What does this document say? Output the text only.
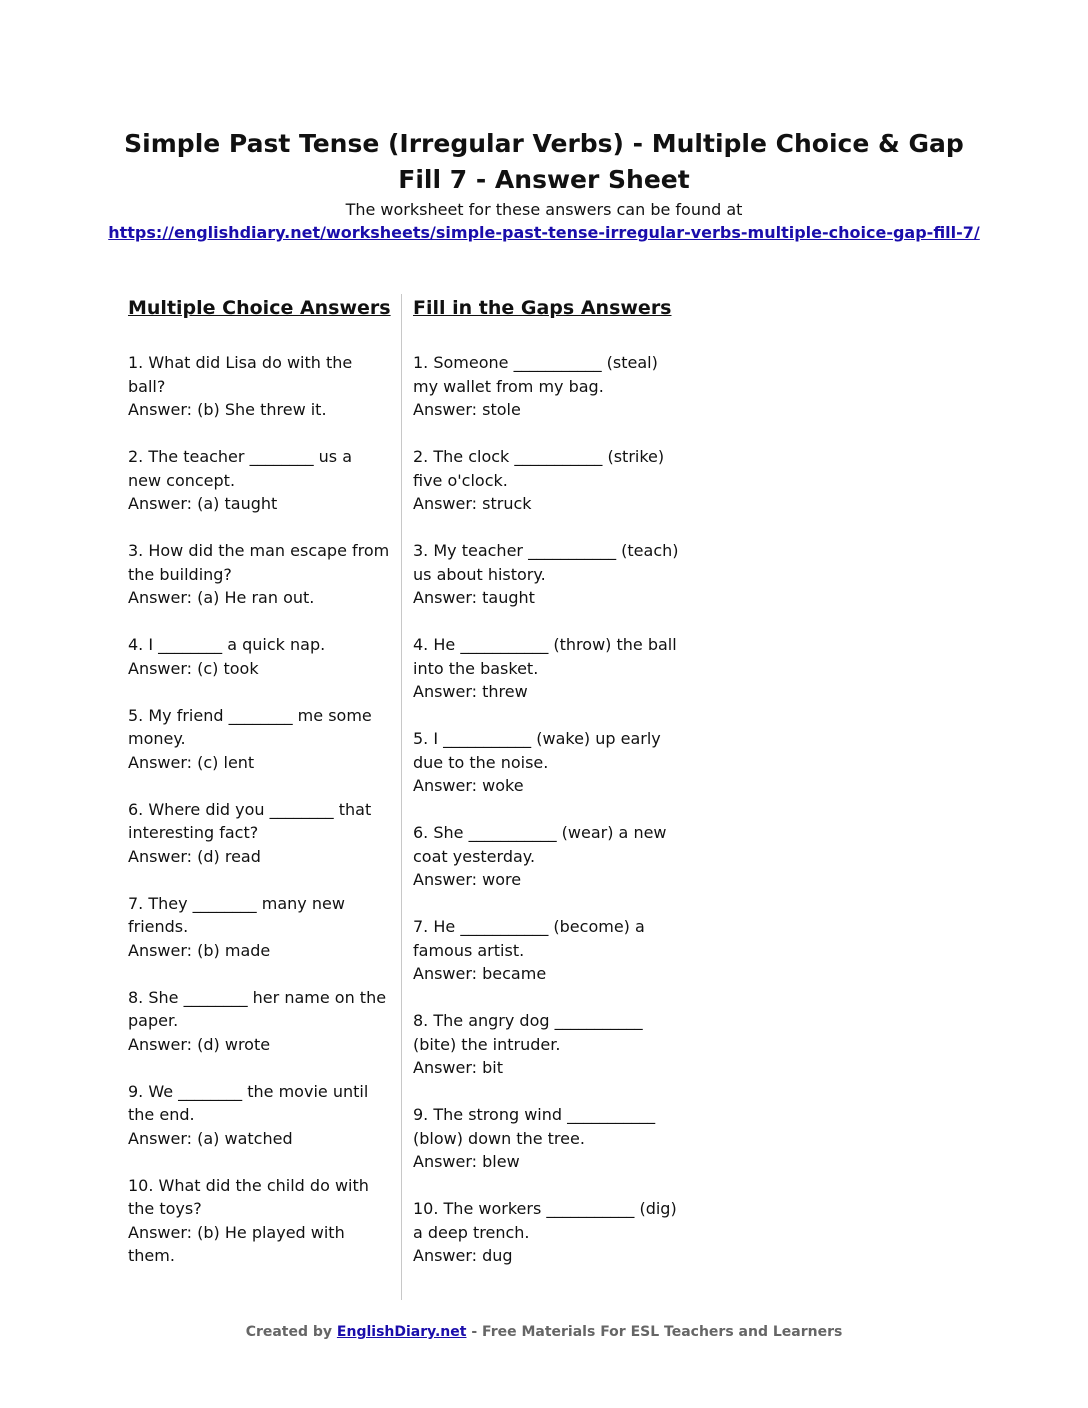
Simple Past Tense (Irregular Verbs) - Multiple Choice & Gap Fill 7 - Answer Sheet
The worksheet for these answers can be found at
https://englishdiary.net/worksheets/simple-past-tense-irregular-verbs-multiple-choice-gap-fill-7/
Multiple Choice Answers
1. What did Lisa do with the ball?
Answer: (b) She threw it.
2. The teacher ________ us a new concept.
Answer: (a) taught
3. How did the man escape from the building?
Answer: (a) He ran out.
4. I ________ a quick nap.
Answer: (c) took
5. My friend ________ me some money.
Answer: (c) lent
6. Where did you ________ that interesting fact?
Answer: (d) read
7. They ________ many new friends.
Answer: (b) made
8. She ________ her name on the paper.
Answer: (d) wrote
9. We ________ the movie until the end.
Answer: (a) watched
10. What did the child do with the toys?
Answer: (b) He played with them.
Fill in the Gaps Answers
1. Someone ___________ (steal) my wallet from my bag.
Answer: stole
2. The clock ___________ (strike) five o'clock.
Answer: struck
3. My teacher ___________ (teach) us about history.
Answer: taught
4. He ___________ (throw) the ball into the basket.
Answer: threw
5. I ___________ (wake) up early due to the noise.
Answer: woke
6. She ___________ (wear) a new coat yesterday.
Answer: wore
7. He ___________ (become) a famous artist.
Answer: became
8. The angry dog ___________ (bite) the intruder.
Answer: bit
9. The strong wind ___________ (blow) down the tree.
Answer: blew
10. The workers ___________ (dig) a deep trench.
Answer: dug
Created by EnglishDiary.net - Free Materials For ESL Teachers and Learners
